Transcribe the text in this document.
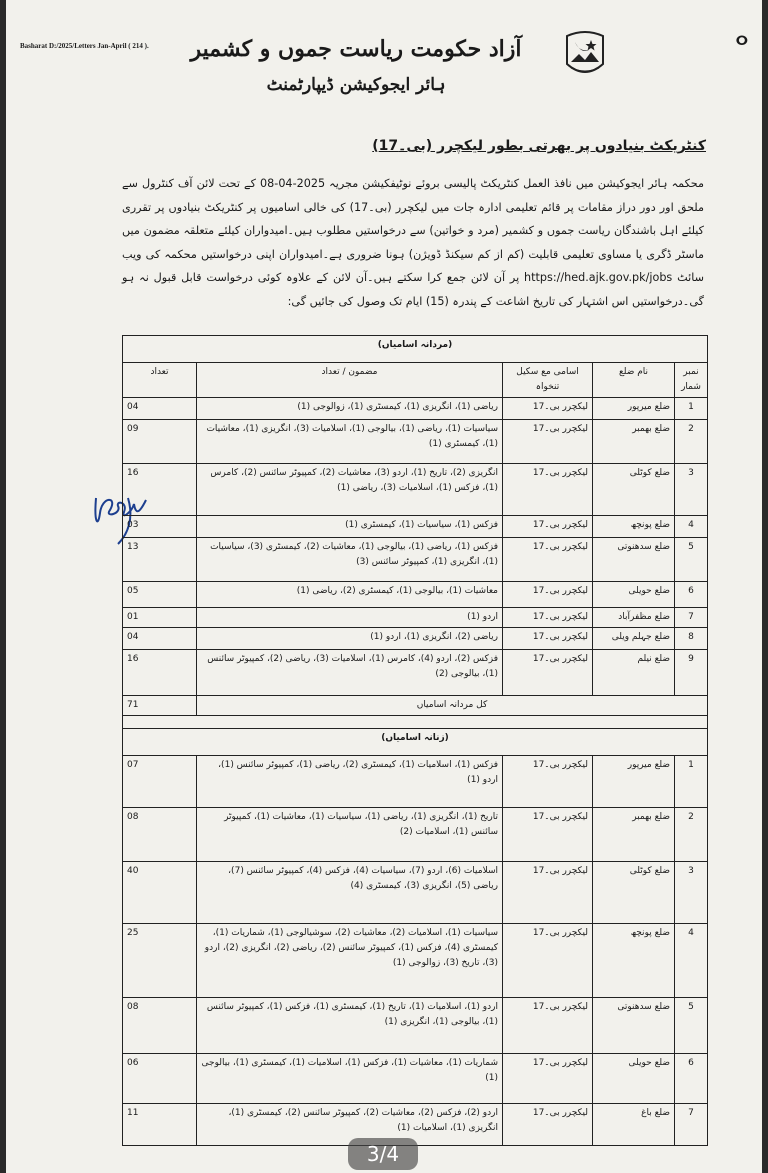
Basharat D:/2025/Letters Jan-April ( 214 ).	ⵔ
آزاد حکومت ریاست جموں و کشمیر
ہائر ایجوکیشن ڈیپارٹمنٹ
کنٹریکٹ بنیادوں پر بھرتی بطور لیکچرر (بی۔17)
محکمہ ہائر ایجوکیشن میں نافذ العمل کنٹریکٹ پالیسی بروئے نوٹیفکیشن مجریہ 2025-04-08 کے تحت لائن آف کنٹرول سے ملحق اور دور دراز مقامات پر قائم تعلیمی ادارہ جات میں لیکچرر (بی۔17) کی خالی اسامیوں پر کنٹریکٹ بنیادوں پر تقرری کیلئے اہل باشندگان ریاست جموں و کشمیر (مرد و خواتین) سے درخواستیں مطلوب ہیں۔امیدواران کیلئے متعلقہ مضمون میں ماسٹر ڈگری یا مساوی تعلیمی قابلیت (کم از کم سیکنڈ ڈویژن) ہونا ضروری ہے۔امیدواران اپنی درخواستیں محکمہ کی ویب سائٹ https://hed.ajk.gov.pk/jobs پر آن لائن جمع کرا سکتے ہیں۔آن لائن کے علاوہ کوئی درخواست قابل قبول نہ ہو گی۔درخواستیں اس اشتہار کی تاریخ اشاعت کے پندرہ (15) ایام تک وصول کی جائیں گی:
(مردانہ اسامیاں)				
نمبر شمار	نام ضلع	اسامی مع سکیل تنخواہ	مضمون / تعداد	تعداد
1	ضلع میرپور	لیکچرر بی۔17	ریاضی (1)، انگریزی (1)، کیمسٹری (1)، زوالوجی (1)	04
2	ضلع بھمبر	لیکچرر بی۔17	سیاسیات (1)، ریاضی (1)، بیالوجی (1)، اسلامیات (3)، انگریزی (1)، معاشیات (1)، کیمسٹری (1)	09
3	ضلع کوٹلی	لیکچرر بی۔17	انگریزی (2)، تاریخ (1)، اردو (3)، معاشیات (2)، کمپیوٹر سائنس (2)، کامرس (1)، فزکس (1)، اسلامیات (3)، ریاضی (1)	16
4	ضلع پونچھ	لیکچرر بی۔17	فزکس (1)، سیاسیات (1)، کیمسٹری (1)	03
5	ضلع سدھنوتی	لیکچرر بی۔17	فزکس (1)، ریاضی (1)، بیالوجی (1)، معاشیات (2)، کیمسٹری (3)، سیاسیات (1)، انگریزی (1)، کمپیوٹر سائنس (3)	13
6	ضلع حویلی	لیکچرر بی۔17	معاشیات (1)، بیالوجی (1)، کیمسٹری (2)، ریاضی (1)	05
7	ضلع مظفرآباد	لیکچرر بی۔17	اردو (1)	01
8	ضلع جہلم ویلی	لیکچرر بی۔17	ریاضی (2)، انگریزی (1)، اردو (1)	04
9	ضلع نیلم	لیکچرر بی۔17	فزکس (2)، اردو (4)، کامرس (1)، اسلامیات (3)، ریاضی (2)، کمپیوٹر سائنس (1)، بیالوجی (2)	16
کل مردانہ اسامیاں				71

(زنانہ اسامیاں)				
1	ضلع میرپور	لیکچرر بی۔17	فزکس (1)، اسلامیات (1)، کیمسٹری (2)، ریاضی (1)، کمپیوٹر سائنس (1)، اردو (1)	07
2	ضلع بھمبر	لیکچرر بی۔17	تاریخ (1)، انگریزی (1)، ریاضی (1)، سیاسیات (1)، معاشیات (1)، کمپیوٹر سائنس (1)، اسلامیات (2)	08
3	ضلع کوٹلی	لیکچرر بی۔17	اسلامیات (6)، اردو (7)، سیاسیات (4)، فزکس (4)، کمپیوٹر سائنس (7)، ریاضی (5)، انگریزی (3)، کیمسٹری (4)	40
4	ضلع پونچھ	لیکچرر بی۔17	سیاسیات (1)، اسلامیات (2)، معاشیات (2)، سوشیالوجی (1)، شماریات (1)، کیمسٹری (4)، فزکس (1)، کمپیوٹر سائنس (2)، ریاضی (2)، انگریزی (2)، اردو (3)، تاریخ (3)، زوالوجی (1)	25
5	ضلع سدھنوتی	لیکچرر بی۔17	اردو (1)، اسلامیات (1)، تاریخ (1)، کیمسٹری (1)، فزکس (1)، کمپیوٹر سائنس (1)، بیالوجی (1)، انگریزی (1)	08
6	ضلع حویلی	لیکچرر بی۔17	شماریات (1)، معاشیات (1)، فزکس (1)، اسلامیات (1)، کیمسٹری (1)، بیالوجی (1)	06
7	ضلع باغ	لیکچرر بی۔17	اردو (2)، فزکس (2)، معاشیات (2)، کمپیوٹر سائنس (2)، کیمسٹری (1)، انگریزی (1)، اسلامیات (1)	11
3/4
